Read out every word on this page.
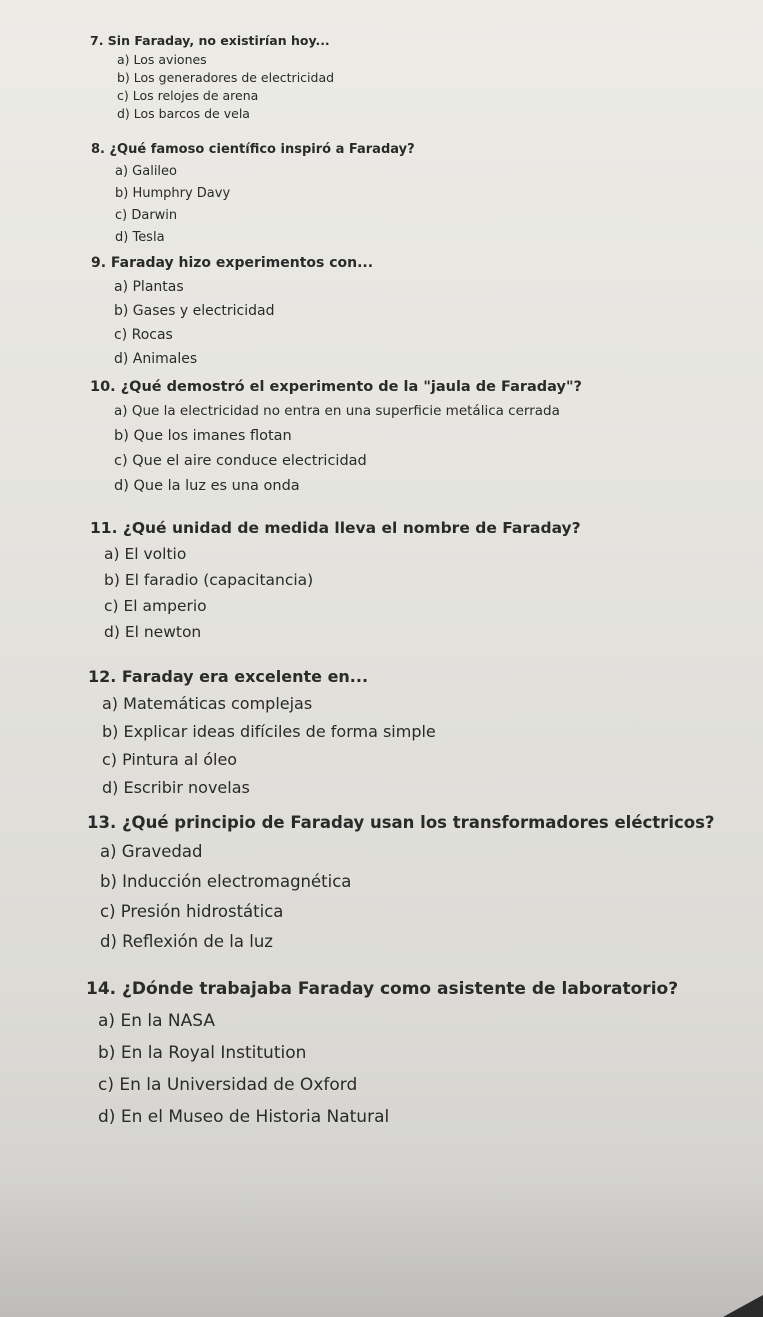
7. Sin Faraday, no existirían hoy...
a) Los aviones
b) Los generadores de electricidad
c) Los relojes de arena
d) Los barcos de vela
8. ¿Qué famoso científico inspiró a Faraday?
a) Galileo
b) Humphry Davy
c) Darwin
d) Tesla
9. Faraday hizo experimentos con...
a) Plantas
b) Gases y electricidad
c) Rocas
d) Animales
10. ¿Qué demostró el experimento de la "jaula de Faraday"?
a) Que la electricidad no entra en una superficie metálica cerrada
b) Que los imanes flotan
c) Que el aire conduce electricidad
d) Que la luz es una onda
11. ¿Qué unidad de medida lleva el nombre de Faraday?
a) El voltio
b) El faradio (capacitancia)
c) El amperio
d) El newton
12. Faraday era excelente en...
a) Matemáticas complejas
b) Explicar ideas difíciles de forma simple
c) Pintura al óleo
d) Escribir novelas
13. ¿Qué principio de Faraday usan los transformadores eléctricos?
a) Gravedad
b) Inducción electromagnética
c) Presión hidrostática
d) Reflexión de la luz
14. ¿Dónde trabajaba Faraday como asistente de laboratorio?
a) En la NASA
b) En la Royal Institution
c) En la Universidad de Oxford
d) En el Museo de Historia Natural
